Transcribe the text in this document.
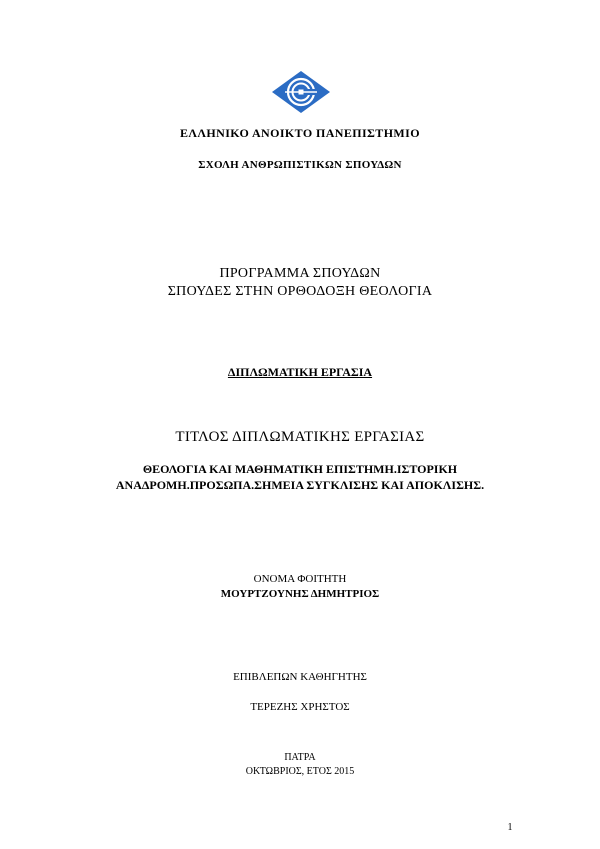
ΕΛΛΗΝΙΚΟ ΑΝΟΙΚΤΟ ΠΑΝΕΠΙΣΤΗΜΙΟ
ΣΧΟΛΗ ΑΝΘΡΩΠΙΣΤΙΚΩΝ ΣΠΟΥΔΩΝ
ΠΡΟΓΡΑΜΜΑ ΣΠΟΥΔΩΝ
ΣΠΟΥΔΕΣ ΣΤΗΝ ΟΡΘΟΔΟΞΗ ΘΕΟΛΟΓΙΑ
ΔΙΠΛΩΜΑΤΙΚΗ ΕΡΓΑΣΙΑ
ΤΙΤΛΟΣ ΔΙΠΛΩΜΑΤΙΚΗΣ ΕΡΓΑΣΙΑΣ
ΘΕΟΛΟΓΙΑ ΚΑΙ ΜΑΘΗΜΑΤΙΚΗ ΕΠΙΣΤΗΜΗ.ΙΣΤΟΡΙΚΗ
ΑΝΑΔΡΟΜΗ.ΠΡΟΣΩΠΑ.ΣΗΜΕΙΑ ΣΥΓΚΛΙΣΗΣ ΚΑΙ ΑΠΟΚΛΙΣΗΣ.
ΟΝΟΜΑ ΦΟΙΤΗΤΗ
ΜΟΥΡΤΖΟΥΝΗΣ ΔΗΜΗΤΡΙΟΣ
ΕΠΙΒΛΕΠΩΝ ΚΑΘΗΓΗΤΗΣ
ΤΕΡΕΖΗΣ ΧΡΗΣΤΟΣ
ΠΑΤΡΑ
ΟΚΤΩΒΡΙΟΣ, ΕΤΟΣ 2015
1
